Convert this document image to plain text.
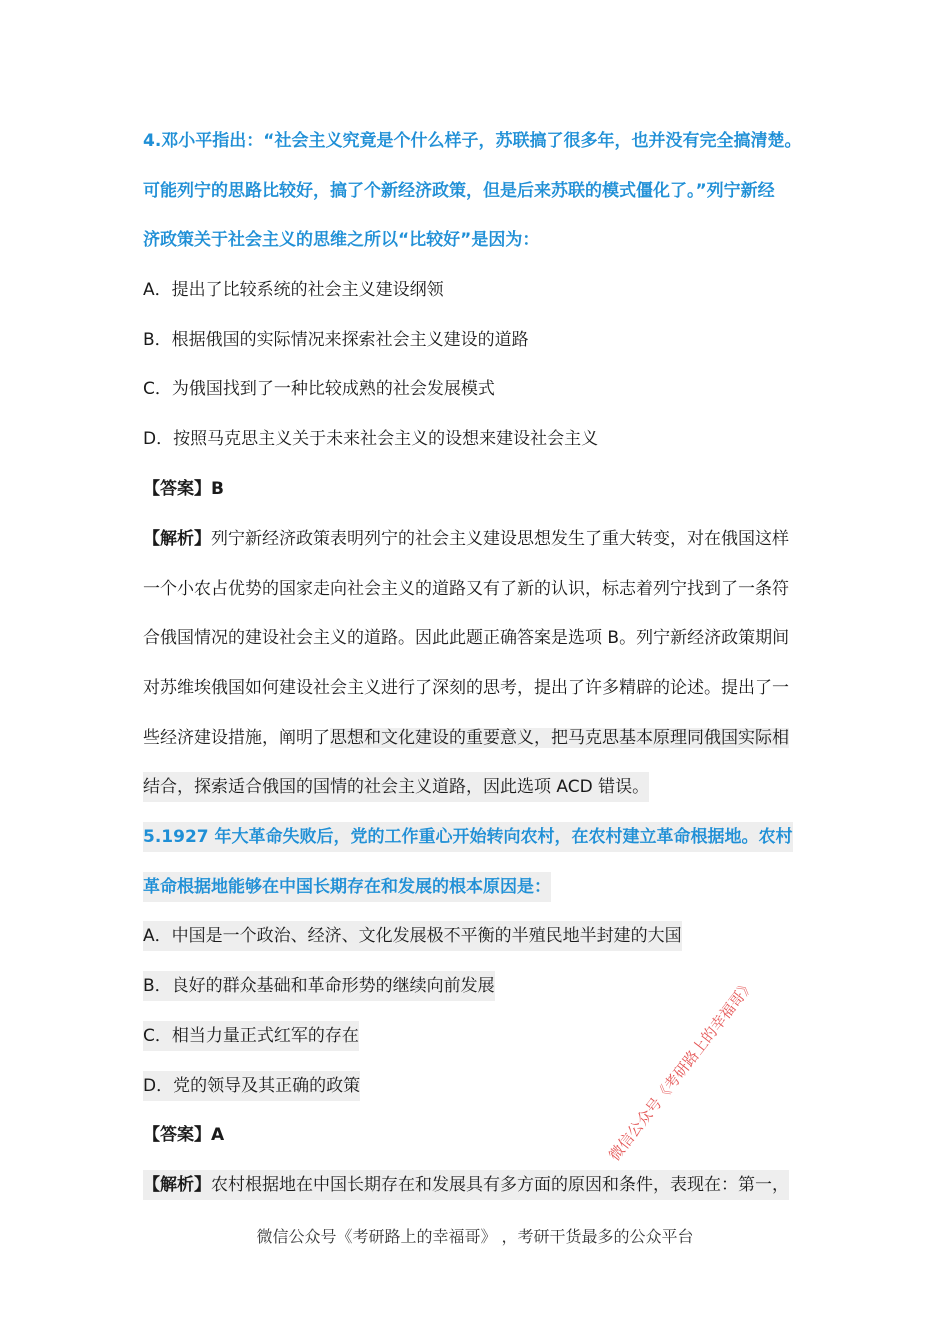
4.邓小平指出：“社会主义究竟是个什么样子，苏联搞了很多年，也并没有完全搞清楚。
可能列宁的思路比较好，搞了个新经济政策，但是后来苏联的模式僵化了。”列宁新经
济政策关于社会主义的思维之所以“比较好”是因为：
A．提出了比较系统的社会主义建设纲领
B．根据俄国的实际情况来探索社会主义建设的道路
C．为俄国找到了一种比较成熟的社会发展模式
D．按照马克思主义关于未来社会主义的设想来建设社会主义
【答案】B
【解析】列宁新经济政策表明列宁的社会主义建设思想发生了重大转变，对在俄国这样
一个小农占优势的国家走向社会主义的道路又有了新的认识，标志着列宁找到了一条符
合俄国情况的建设社会主义的道路。因此此题正确答案是选项 B。列宁新经济政策期间
对苏维埃俄国如何建设社会主义进行了深刻的思考，提出了许多精辟的论述。提出了一
些经济建设措施，阐明了思想和文化建设的重要意义，把马克思基本原理同俄国实际相
结合，探索适合俄国的国情的社会主义道路，因此选项 ACD 错误。
5.1927 年大革命失败后，党的工作重心开始转向农村，在农村建立革命根据地。农村
革命根据地能够在中国长期存在和发展的根本原因是：
A．中国是一个政治、经济、文化发展极不平衡的半殖民地半封建的大国
B．良好的群众基础和革命形势的继续向前发展
C．相当力量正式红军的存在
D．党的领导及其正确的政策
【答案】A
【解析】农村根据地在中国长期存在和发展具有多方面的原因和条件，表现在：第一，
微信公众号《考研路上的幸福哥》
微信公众号《考研路上的幸福哥》 ，考研干货最多的公众平台
